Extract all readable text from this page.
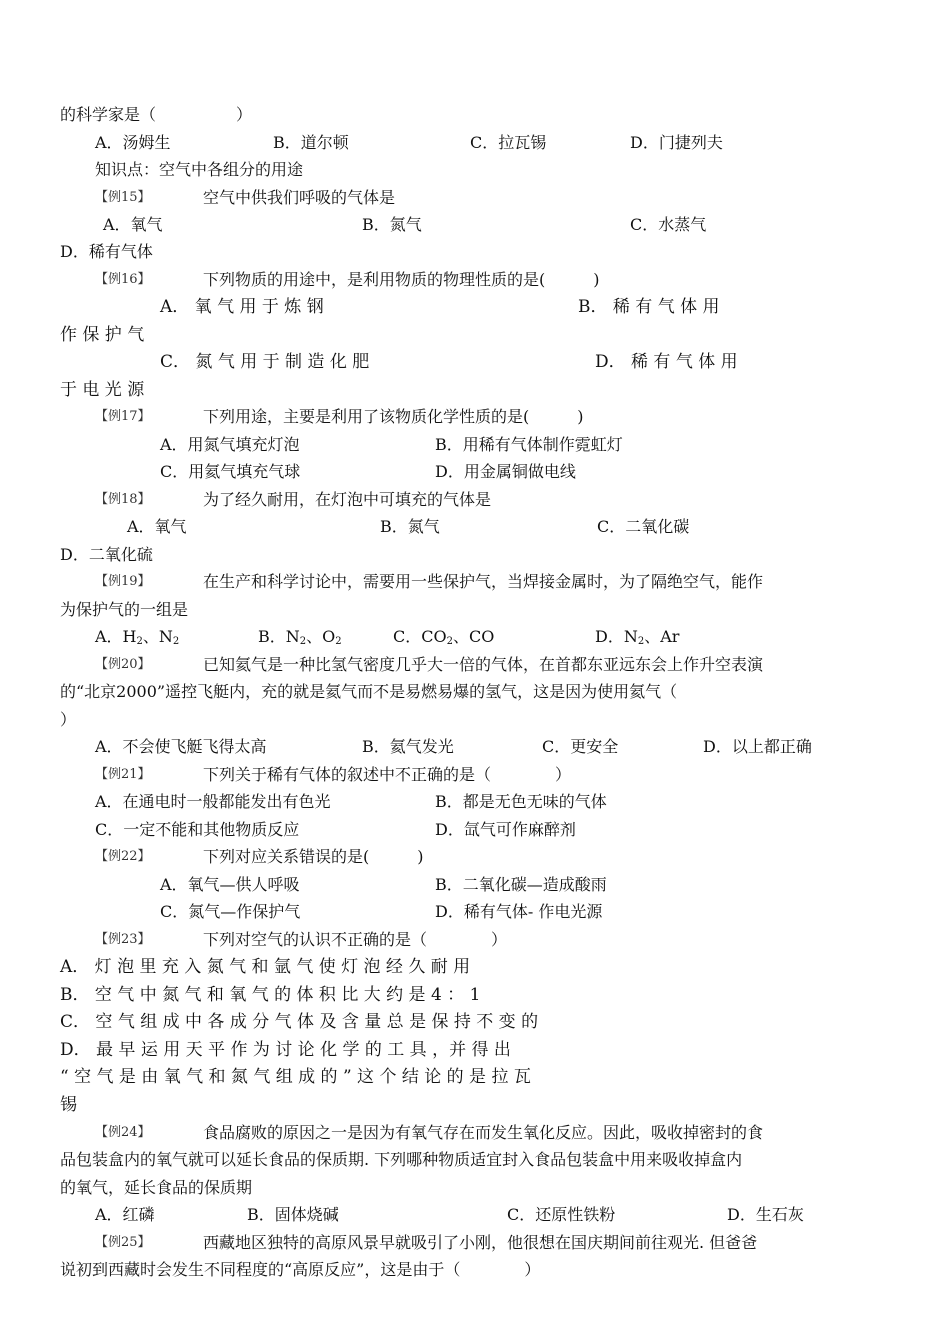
的科学家是（　　　　　）
A．汤姆生	B．道尔顿	C．拉瓦锡	D．门捷列夫
知识点：空气中各组分的用途
【例15】	空气中供我们呼吸的气体是
A．氧气	B．氮气	C．水蒸气
D．稀有气体
【例16】	下列物质的用途中，是利用物质的物理性质的是(　　　)
A． 氧 气 用 于 炼 钢	B． 稀 有 气 体 用
作 保 护 气
C． 氮 气 用 于 制 造 化 肥	D． 稀 有 气 体 用
于 电 光 源
【例17】	下列用途，主要是利用了该物质化学性质的是(　　　)
A．用氮气填充灯泡	B．用稀有气体制作霓虹灯
C．用氦气填充气球	D．用金属铜做电线
【例18】	为了经久耐用，在灯泡中可填充的气体是
A．氧气	B．氮气	C．二氧化碳
D．二氧化硫
【例19】	在生产和科学讨论中，需要用一些保护气，当焊接金属时，为了隔绝空气，能作
为保护气的一组是
A．$H_2$、$N_2$	B．$N_2$、$O_2$	C．$CO_2$、CO	D．$N_2$、Ar
【例20】	已知氦气是一种比氢气密度几乎大一倍的气体，在首都东亚远东会上作升空表演
的“北京2000”遥控飞艇内，充的就是氦气而不是易燃易爆的氢气，这是因为使用氦气（
）
A．不会使飞艇飞得太高	B．氦气发光	C．更安全	D．以上都正确
【例21】	下列关于稀有气体的叙述中不正确的是（　　　　）
A．在通电时一般都能发出有色光	B．都是无色无味的气体
C．一定不能和其他物质反应	D．氙气可作麻醉剂
【例22】	下列对应关系错误的是(　　　)
A．氧气—供人呼吸	B．二氧化碳—造成酸雨
C．氮气—作保护气	D．稀有气体- 作电光源
【例23】	下列对空气的认识不正确的是（　　　　）
A． 灯 泡 里 充 入 氮 气 和 氩 气 使 灯 泡 经 久 耐 用
B． 空 气 中 氮 气 和 氧 气 的 体 积 比 大 约 是 4 ： 1
C． 空 气 组 成 中 各 成 分 气 体 及 含 量 总 是 保 持 不 变 的
D． 最 早 运 用 天 平 作 为 讨 论 化 学 的 工 具 ，并 得 出
“ 空 气 是 由 氧 气 和 氮 气 组 成 的 ” 这 个 结 论 的 是 拉 瓦
锡
【例24】	食品腐败的原因之一是因为有氧气存在而发生氧化反应。因此，吸收掉密封的食
品包装盒内的氧气就可以延长食品的保质期. 下列哪种物质适宜封入食品包装盒中用来吸收掉盒内
的氧气，延长食品的保质期
A．红磷	B．固体烧碱	C．还原性铁粉	D．生石灰
【例25】	西藏地区独特的高原风景早就吸引了小刚，他很想在国庆期间前往观光. 但爸爸
说初到西藏时会发生不同程度的“高原反应”，这是由于（　　　　）
